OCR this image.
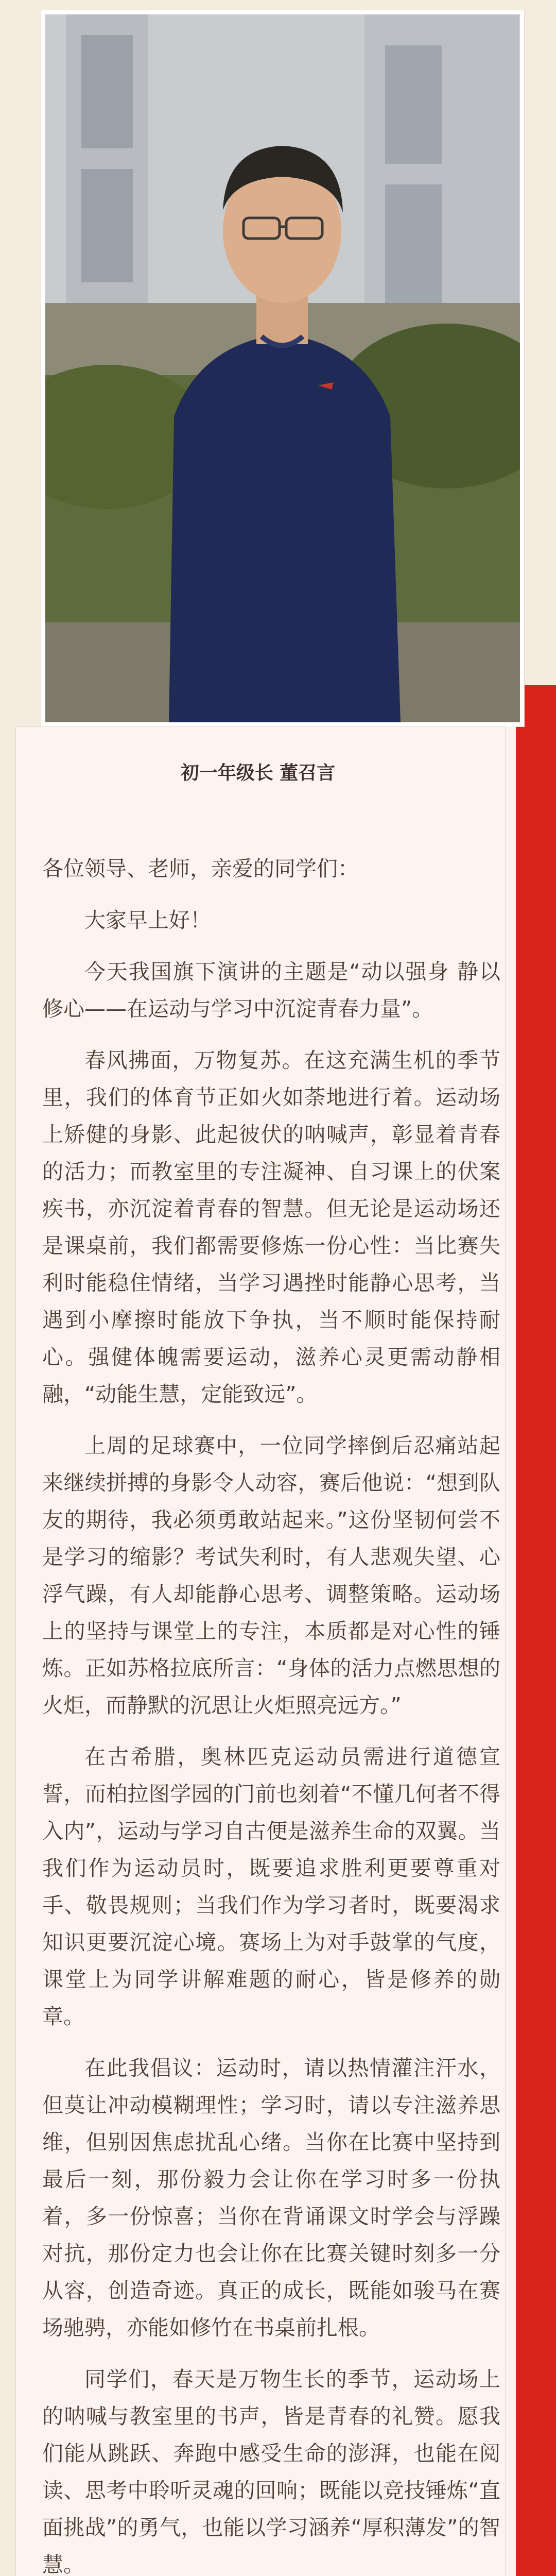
初一年级长 董召言

各位领导、老师，亲爱的同学们：

大家早上好！

今天我国旗下演讲的主题是“动以强身 静以修心——在运动与学习中沉淀青春力量”。

春风拂面，万物复苏。在这充满生机的季节里，我们的体育节正如火如荼地进行着。运动场上矫健的身影、此起彼伏的呐喊声，彰显着青春的活力；而教室里的专注凝神、自习课上的伏案疾书，亦沉淀着青春的智慧。但无论是运动场还是课桌前，我们都需要修炼一份心性：当比赛失利时能稳住情绪，当学习遇挫时能静心思考，当遇到小摩擦时能放下争执，当不顺时能保持耐心。强健体魄需要运动，滋养心灵更需动静相融，“动能生慧，定能致远”。

上周的足球赛中，一位同学摔倒后忍痛站起来继续拼搏的身影令人动容，赛后他说：“想到队友的期待，我必须勇敢站起来。”这份坚韧何尝不是学习的缩影？考试失利时，有人悲观失望、心浮气躁，有人却能静心思考、调整策略。运动场上的坚持与课堂上的专注，本质都是对心性的锤炼。正如苏格拉底所言：“身体的活力点燃思想的火炬，而静默的沉思让火炬照亮远方。”

在古希腊，奥林匹克运动员需进行道德宣誓，而柏拉图学园的门前也刻着“不懂几何者不得入内”，运动与学习自古便是滋养生命的双翼。当我们作为运动员时，既要追求胜利更要尊重对手、敬畏规则；当我们作为学习者时，既要渴求知识更要沉淀心境。赛场上为对手鼓掌的气度，课堂上为同学讲解难题的耐心，皆是修养的勋章。

在此我倡议：运动时，请以热情灌注汗水，但莫让冲动模糊理性；学习时，请以专注滋养思维，但别因焦虑扰乱心绪。当你在比赛中坚持到最后一刻，那份毅力会让你在学习时多一份执着，多一份惊喜；当你在背诵课文时学会与浮躁对抗，那份定力也会让你在比赛关键时刻多一分从容，创造奇迹。真正的成长，既能如骏马在赛场驰骋，亦能如修竹在书桌前扎根。

同学们，春天是万物生长的季节，运动场上的呐喊与教室里的书声，皆是青春的礼赞。愿我们能从跳跃、奔跑中感受生命的澎湃，也能在阅读、思考中聆听灵魂的回响；既能以竞技锤炼“直面挑战”的勇气，也能以学习涵养“厚积薄发”的智慧。
